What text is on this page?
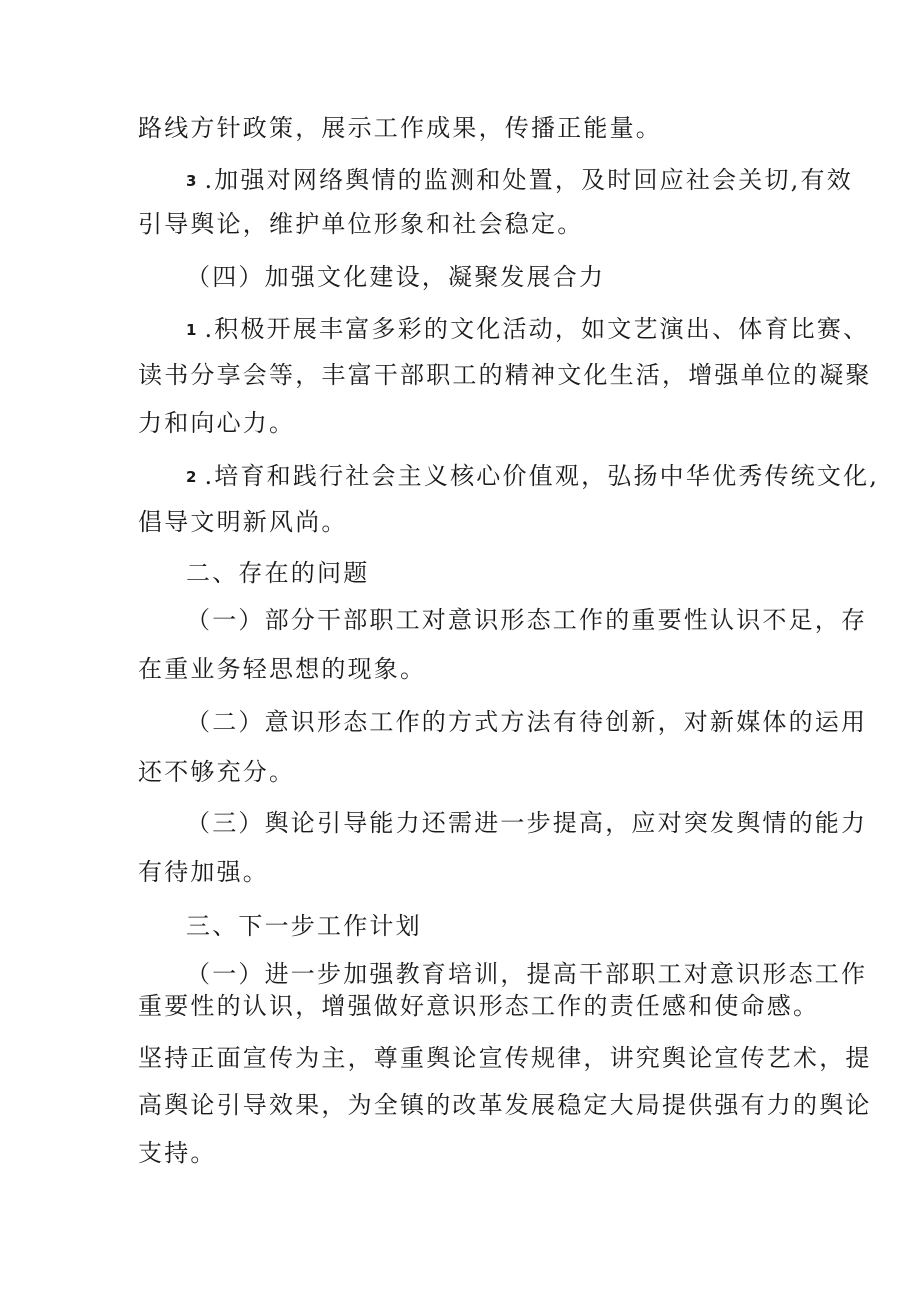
路线方针政策，展示工作成果，传播正能量。
3 .加强对网络舆情的监测和处置，及时回应社会关切,有效
引导舆论，维护单位形象和社会稳定。
（四）加强文化建设，凝聚发展合力
1 .积极开展丰富多彩的文化活动，如文艺演出、体育比赛、
读书分享会等，丰富干部职工的精神文化生活，增强单位的凝聚
力和向心力。
2 .培育和践行社会主义核心价值观，弘扬中华优秀传统文化,
倡导文明新风尚。
二、存在的问题
（一）部分干部职工对意识形态工作的重要性认识不足，存
在重业务轻思想的现象。
（二）意识形态工作的方式方法有待创新，对新媒体的运用
还不够充分。
（三）舆论引导能力还需进一步提高，应对突发舆情的能力
有待加强。
三、下一步工作计划
（一）进一步加强教育培训，提高干部职工对意识形态工作
重要性的认识，增强做好意识形态工作的责任感和使命感。
坚持正面宣传为主，尊重舆论宣传规律，讲究舆论宣传艺术，提
高舆论引导效果，为全镇的改革发展稳定大局提供强有力的舆论
支持。
